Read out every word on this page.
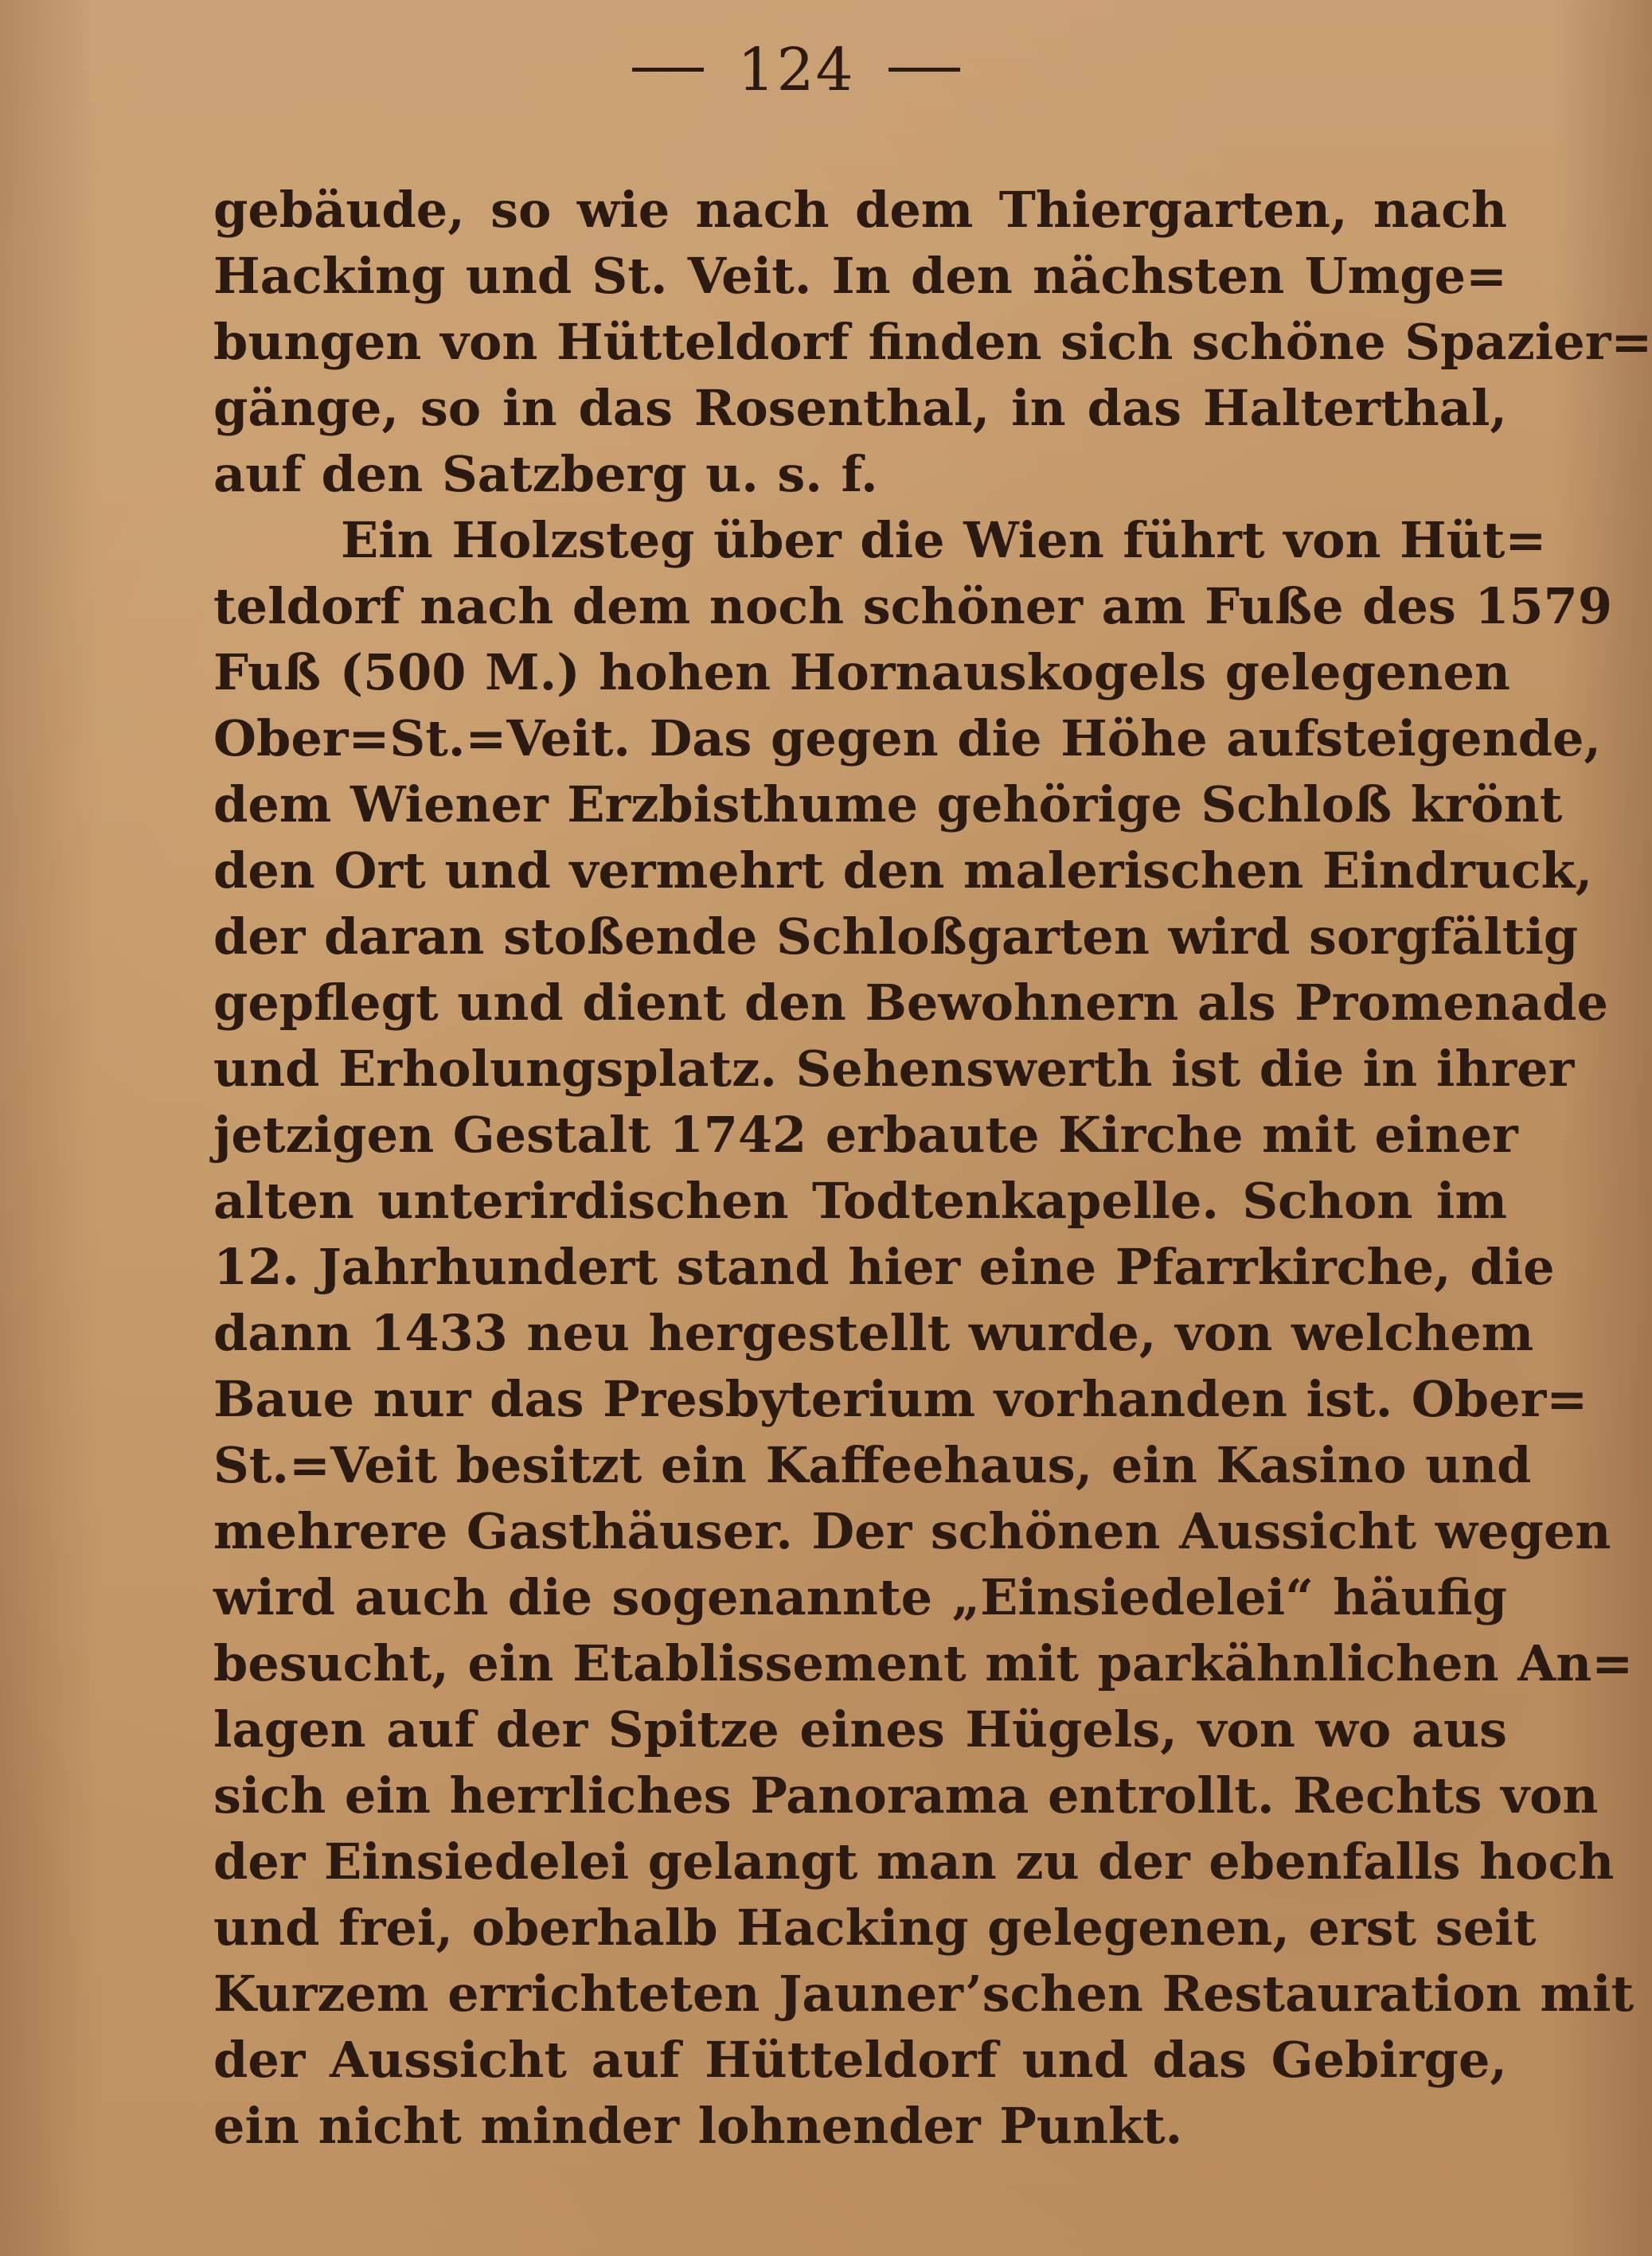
124
gebäude, so wie nach dem Thiergarten, nach
Hacking und St. Veit. In den nächsten Umge=
bungen von Hütteldorf finden sich schöne Spazier=
gänge, so in das Rosenthal, in das Halterthal,
auf den Satzberg u. s. f.
Ein Holzsteg über die Wien führt von Hüt=
teldorf nach dem noch schöner am Fuße des 1579
Fuß (500 M.) hohen Hornauskogels gelegenen
Ober=St.=Veit. Das gegen die Höhe aufsteigende,
dem Wiener Erzbisthume gehörige Schloß krönt
den Ort und vermehrt den malerischen Eindruck,
der daran stoßende Schloßgarten wird sorgfältig
gepflegt und dient den Bewohnern als Promenade
und Erholungsplatz. Sehenswerth ist die in ihrer
jetzigen Gestalt 1742 erbaute Kirche mit einer
alten unterirdischen Todtenkapelle. Schon im
12. Jahrhundert stand hier eine Pfarrkirche, die
dann 1433 neu hergestellt wurde, von welchem
Baue nur das Presbyterium vorhanden ist. Ober=
St.=Veit besitzt ein Kaffeehaus, ein Kasino und
mehrere Gasthäuser. Der schönen Aussicht wegen
wird auch die sogenannte „Einsiedelei“ häufig
besucht, ein Etablissement mit parkähnlichen An=
lagen auf der Spitze eines Hügels, von wo aus
sich ein herrliches Panorama entrollt. Rechts von
der Einsiedelei gelangt man zu der ebenfalls hoch
und frei, oberhalb Hacking gelegenen, erst seit
Kurzem errichteten Jauner’schen Restauration mit
der Aussicht auf Hütteldorf und das Gebirge,
ein nicht minder lohnender Punkt.
